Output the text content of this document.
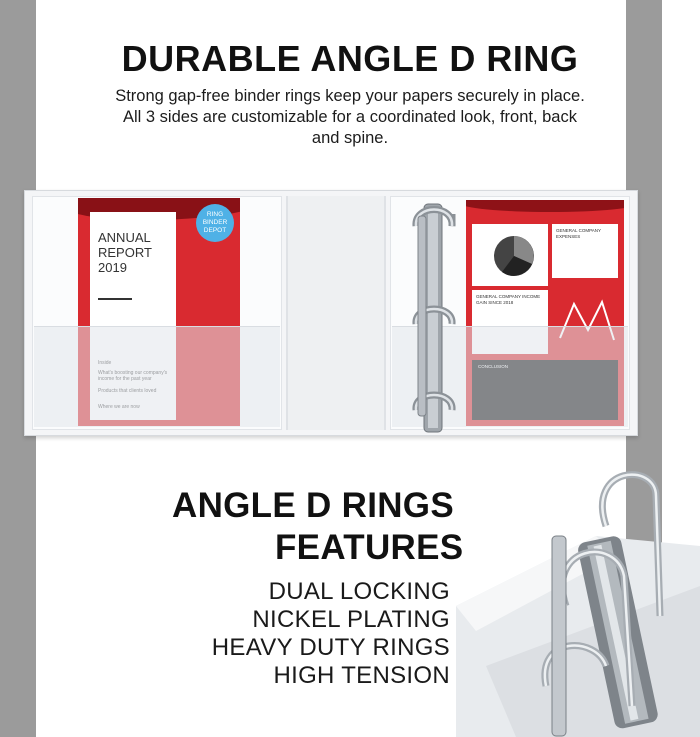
DURABLE ANGLE D RING

Strong gap-free binder rings keep your papers securely in place. All 3 sides are customizable for a coordinated look, front, back and spine.

ANNUAL
REPORT
2019
RING
BINDER
DEPOT	GENERAL COMPANY EXPENSES
GENERAL COMPANY INCOME GAIN SINCE 2018
ANGLE D RINGS
FEATURES

DUAL LOCKING

NICKEL PLATING

HEAVY DUTY RINGS

HIGH TENSION
